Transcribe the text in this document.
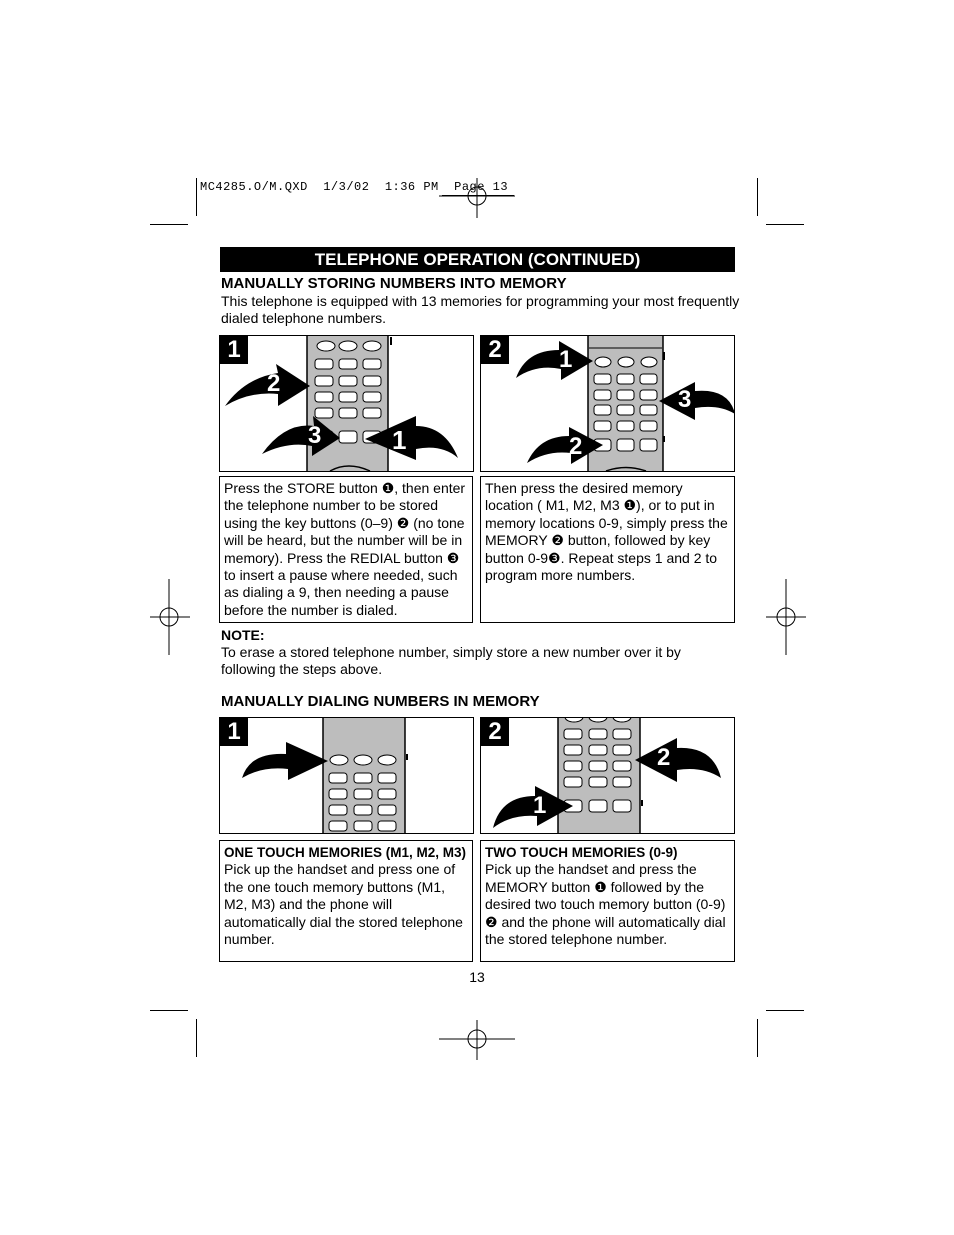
MC4285.O/M.QXD  1/3/02  1:36 PM  Page 13
TELEPHONE OPERATION (CONTINUED)
MANUALLY STORING NUMBERS INTO MEMORY
This telephone is equipped with 13 memories for programming your most frequently
dialed telephone numbers.
1
2
3	1
2	1
2
3
Press the STORE button ❶, then enter
the telephone number to be stored
using the key buttons (0–9) ❷ (no tone
will be heard, but the number will be in
memory). Press the REDIAL button ❸
to insert a pause where needed, such
as dialing a 9, then needing a pause
before the number is dialed.
Then press the desired memory
location ( M1, M2, M3 ❶), or to put in
memory locations 0-9, simply press the
MEMORY ❷ button, followed by key
button 0-9❸. Repeat steps 1 and 2 to
program more numbers.
NOTE:
To erase a stored telephone number, simply store a new number over it by
following the steps above.
MANUALLY DIALING NUMBERS IN MEMORY
1	2
2
1
ONE TOUCH MEMORIES (M1, M2, M3)
Pick up the handset and press one of
the one touch memory buttons (M1,
M2, M3) and the phone will
automatically dial the stored telephone
number.
TWO TOUCH MEMORIES (0-9)
Pick up the handset and press the
MEMORY button ❶ followed by the
desired two touch memory button (0-9)
❷ and the phone will automatically dial
the stored telephone number.
13
